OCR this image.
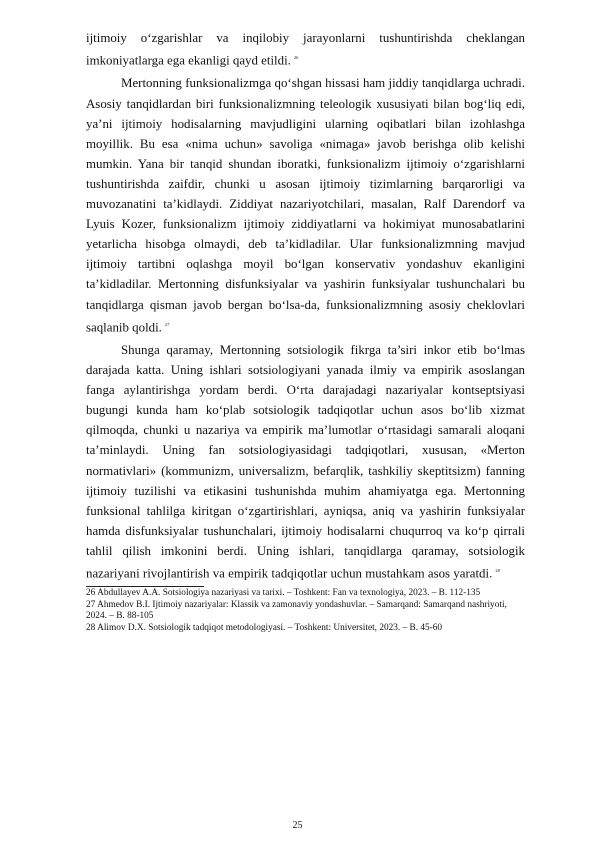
ijtimoiy o‘zgarishlar va inqilobiy jarayonlarni tushuntirishda cheklangan imkoniyatlarga ega ekanligi qayd etildi. $^{26}$

Mertonning funksionalizmga qo‘shgan hissasi ham jiddiy tanqidlarga uchradi. Asosiy tanqidlardan biri funksionalizmning teleologik xususiyati bilan bog‘liq edi, ya’ni ijtimoiy hodisalarning mavjudligini ularning oqibatlari bilan izohlashga moyillik. Bu esa «nima uchun» savoliga «nimaga» javob berishga olib kelishi mumkin. Yana bir tanqid shundan iboratki, funksionalizm ijtimoiy o‘zgarishlarni tushuntirishda zaifdir, chunki u asosan ijtimoiy tizimlarning barqarorligi va muvozanatini ta’kidlaydi. Ziddiyat nazariyotchilari, masalan, Ralf Darendorf va Lyuis Kozer, funksionalizm ijtimoiy ziddiyatlarni va hokimiyat munosabatlarini yetarlicha hisobga olmaydi, deb ta’kidladilar. Ular funksionalizmning mavjud ijtimoiy tartibni oqlashga moyil bo‘lgan konservativ yondashuv ekanligini ta’kidladilar. Mertonning disfunksiyalar va yashirin funksiyalar tushunchalari bu tanqidlarga qisman javob bergan bo‘lsa-da, funksionalizmning asosiy cheklovlari saqlanib qoldi. $^{27}$

Shunga qaramay, Mertonning sotsiologik fikrga ta’siri inkor etib bo‘lmas darajada katta. Uning ishlari sotsiologiyani yanada ilmiy va empirik asoslangan fanga aylantirishga yordam berdi. O‘rta darajadagi nazariyalar kontseptsiyasi bugungi kunda ham ko‘plab sotsiologik tadqiqotlar uchun asos bo‘lib xizmat qilmoqda, chunki u nazariya va empirik ma’lumotlar o‘rtasidagi samarali aloqani ta’minlaydi. Uning fan sotsiologiyasidagi tadqiqotlari, xususan, «Merton normativlari» (kommunizm, universalizm, befarqlik, tashkiliy skeptitsizm) fanning ijtimoiy tuzilishi va etikasini tushunishda muhim ahamiyatga ega. Mertonning funksional tahlilga kiritgan o‘zgartirishlari, ayniqsa, aniq va yashirin funksiyalar hamda disfunksiyalar tushunchalari, ijtimoiy hodisalarni chuqurroq va ko‘p qirrali tahlil qilish imkonini berdi. Uning ishlari, tanqidlarga qaramay, sotsiologik nazariyani rivojlantirish va empirik tadqiqotlar uchun mustahkam asos yaratdi. $^{28}$

26 Abdullayev A.A. Sotsiologiya nazariyasi va tarixi. – Toshkent: Fan va texnologiya, 2023. – B. 112-135
27 Ahmedov B.I. Ijtimoiy nazariyalar: Klassik va zamonaviy yondashuvlar. – Samarqand: Samarqand nashriyoti, 2024. – B. 88-105
28 Alimov D.X. Sotsiologik tadqiqot metodologiyasi. – Toshkent: Universitet, 2023. – B. 45-60
25
